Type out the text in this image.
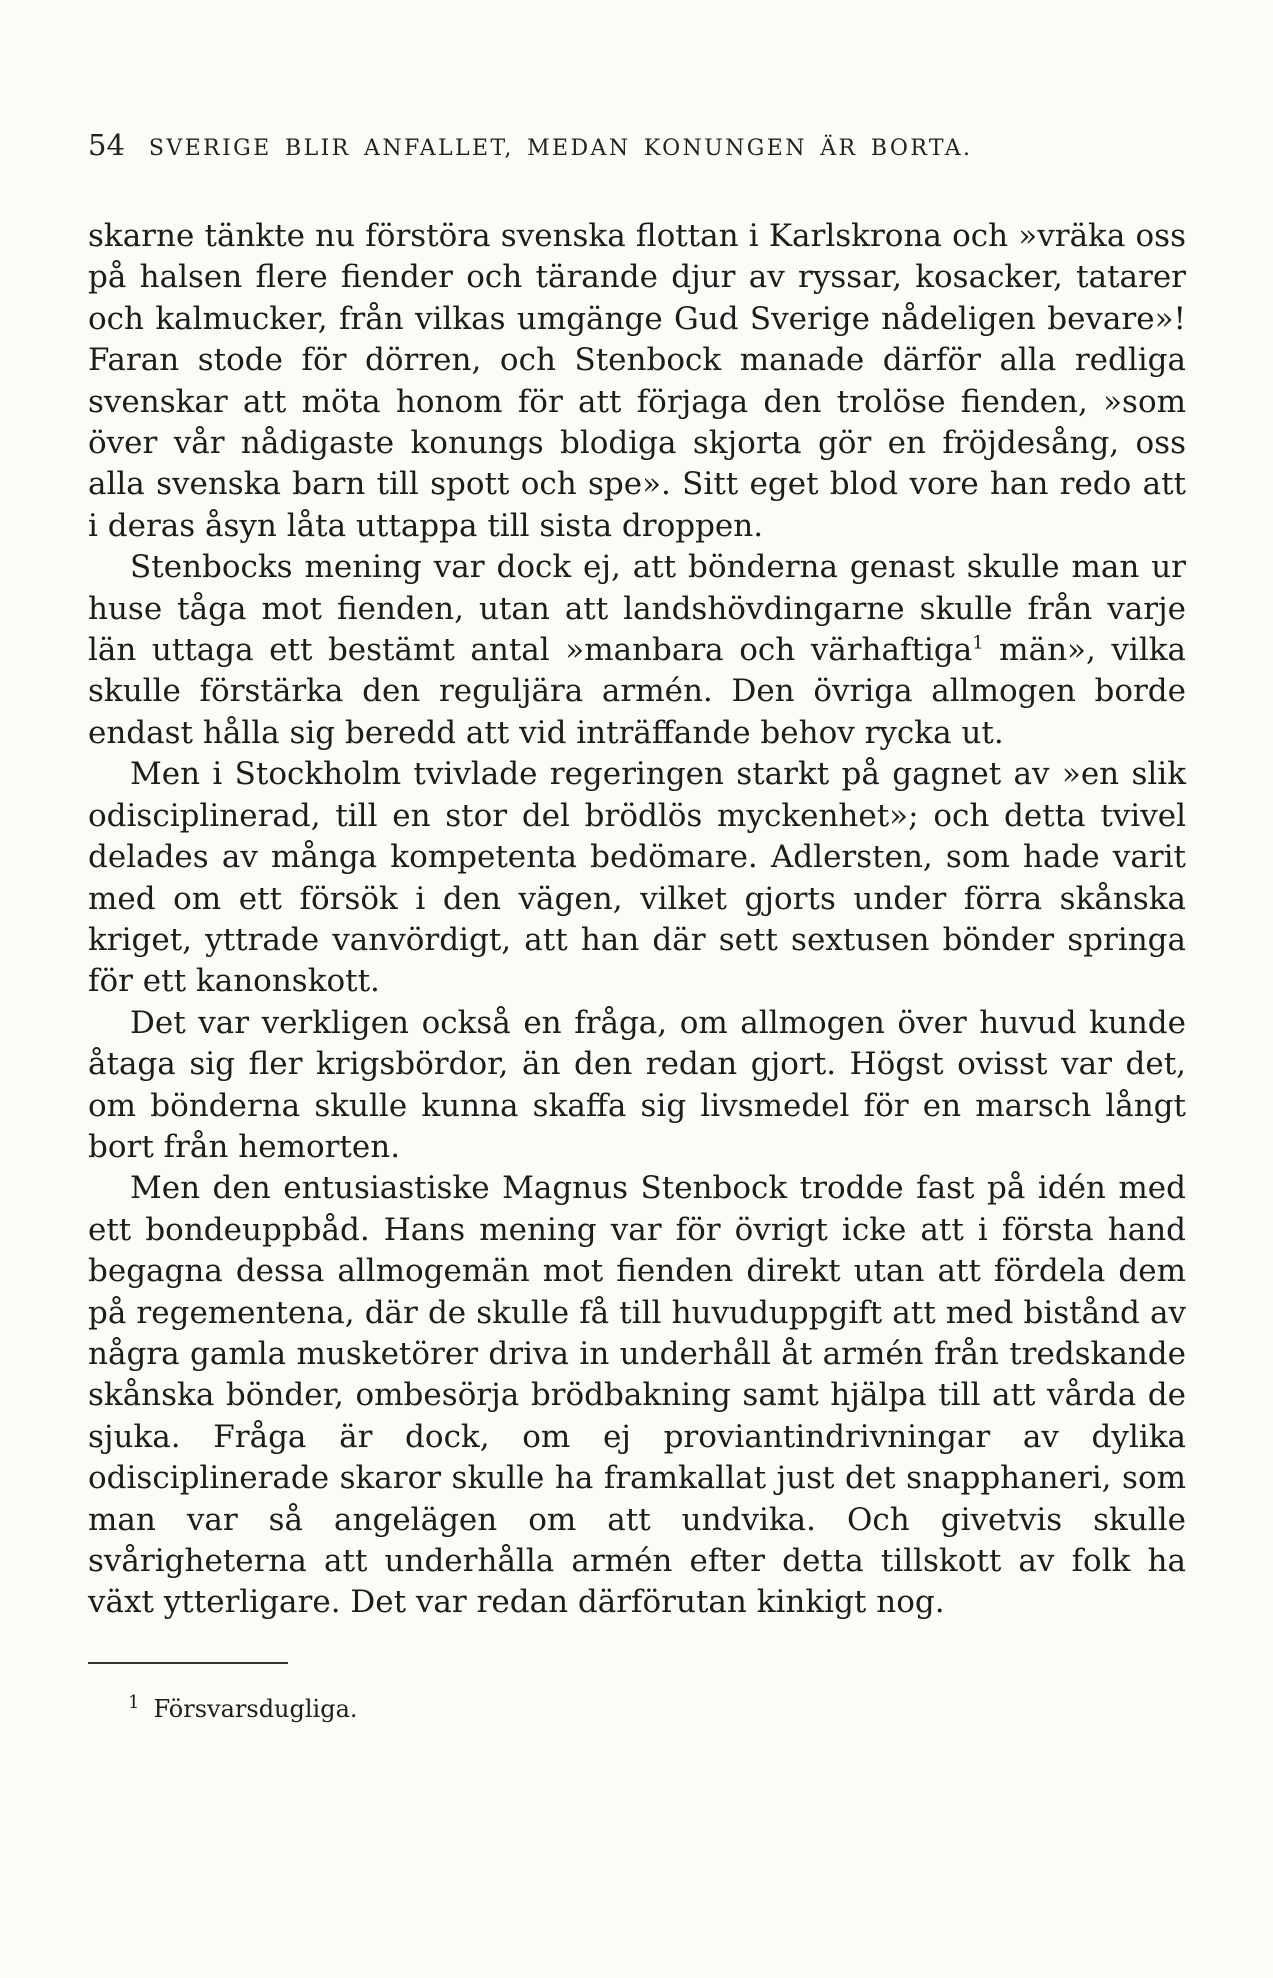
54 SVERIGE BLIR ANFALLET, MEDAN KONUNGEN ÄR BORTA.

skarne tänkte nu förstöra svenska flottan i Karlskrona och »vräka oss på halsen flere fiender och tärande djur av ryssar, kosacker, tatarer och kalmucker, från vilkas umgänge Gud Sverige nådeligen bevare»! Faran stode för dörren, och Stenbock manade därför alla redliga svenskar att möta honom för att förjaga den trolöse fienden, »som över vår nådigaste konungs blodiga skjorta gör en fröjdesång, oss alla svenska barn till spott och spe». Sitt eget blod vore han redo att i deras åsyn låta uttappa till sista droppen.

Stenbocks mening var dock ej, att bönderna genast skulle man ur huse tåga mot fienden, utan att landshövdingarne skulle från varje län uttaga ett bestämt antal »manbara och värhaftiga$^1$ män», vilka skulle förstärka den reguljära armén. Den övriga allmogen borde endast hålla sig beredd att vid inträffande behov rycka ut.

Men i Stockholm tvivlade regeringen starkt på gagnet av »en slik odisciplinerad, till en stor del brödlös myckenhet»; och detta tvivel delades av många kompetenta bedömare. Adlersten, som hade varit med om ett försök i den vägen, vilket gjorts under förra skånska kriget, yttrade vanvördigt, att han där sett sextusen bönder springa för ett kanonskott.

Det var verkligen också en fråga, om allmogen över huvud kunde åtaga sig fler krigsbördor, än den redan gjort. Högst ovisst var det, om bönderna skulle kunna skaffa sig livsmedel för en marsch långt bort från hemorten.

Men den entusiastiske Magnus Stenbock trodde fast på idén med ett bondeuppbåd. Hans mening var för övrigt icke att i första hand begagna dessa allmogemän mot fienden direkt utan att fördela dem på regementena, där de skulle få till huvuduppgift att med bistånd av några gamla musketörer driva in underhåll åt armén från tredskande skånska bönder, ombesörja brödbakning samt hjälpa till att vårda de sjuka. Fråga är dock, om ej proviantindrivningar av dylika odisciplinerade skaror skulle ha framkallat just det snapphaneri, som man var så angelägen om att undvika. Och givetvis skulle svårigheterna att underhålla armén efter detta tillskott av folk ha växt ytterligare. Det var redan därförutan kinkigt nog.

$^1$ Försvarsdugliga.
